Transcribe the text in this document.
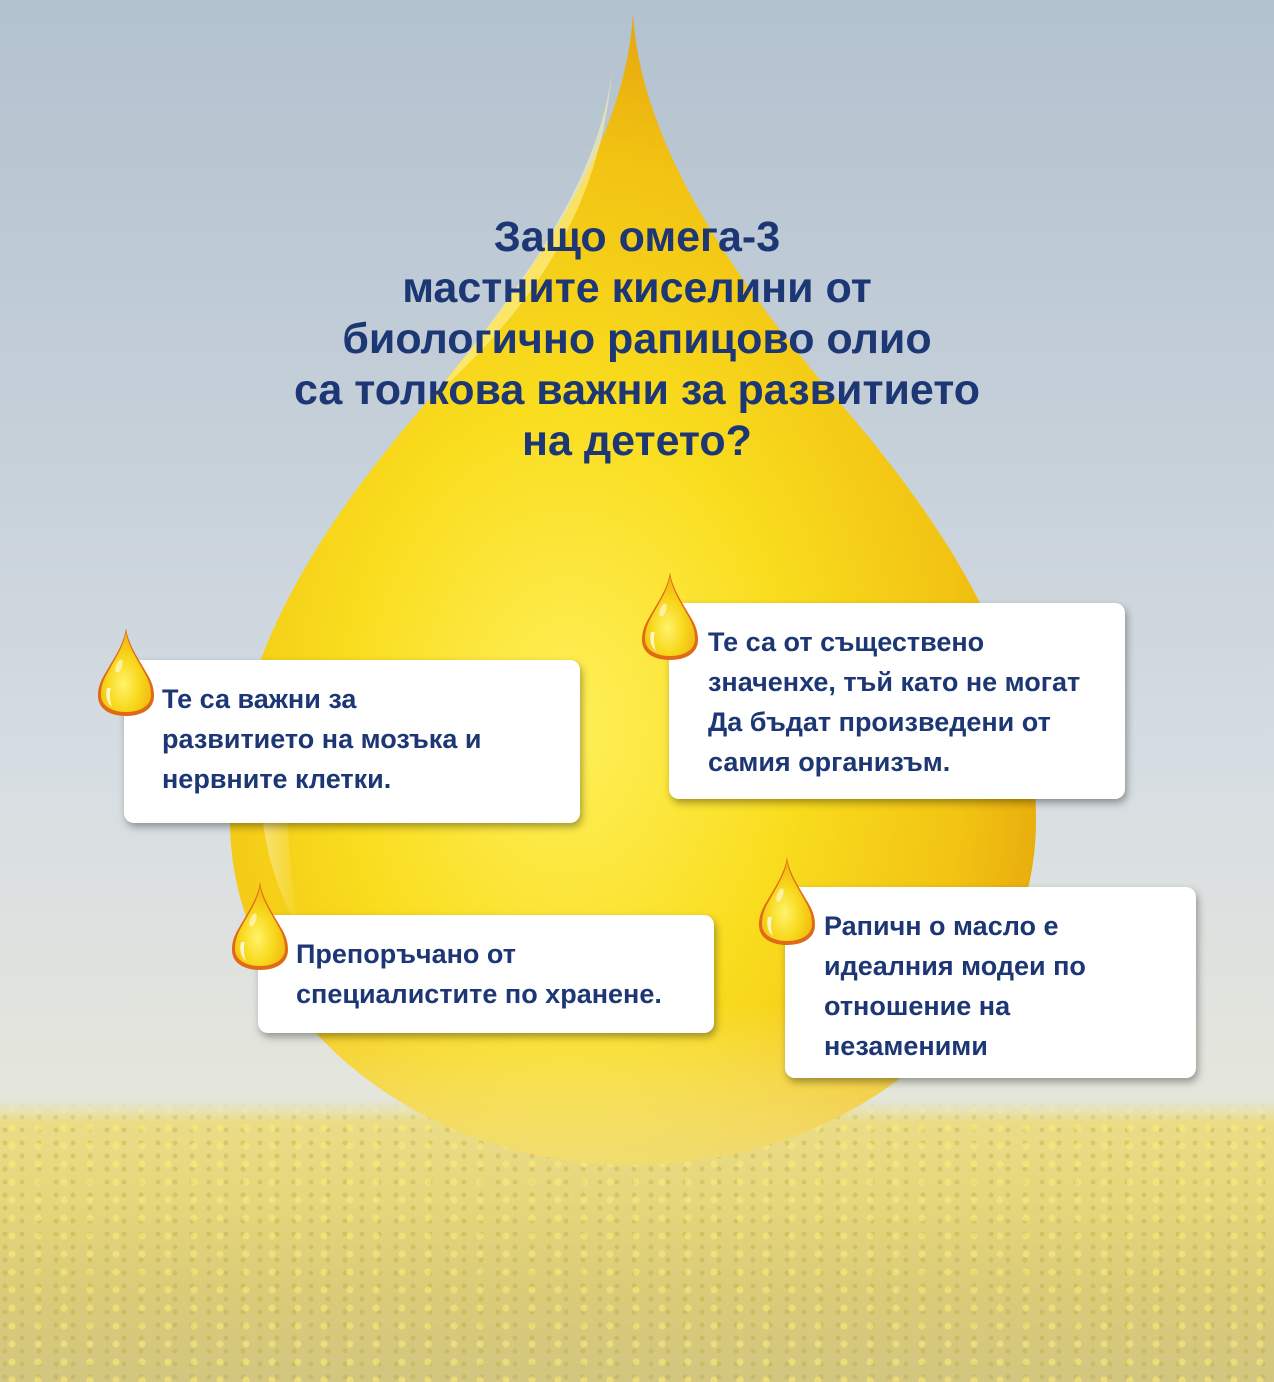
Защо омега-3
мастните киселини от
биологично рапицово олио
са толкова важни за развитието
на детето?
Те са важни за
развитието на мозъка и
нервните клетки.
Те са от съществено
значенхе, тъй като не могат
Да бъдат произведени от
самия организъм.
Препоръчано от
специалистите по хранене.
Рапичн о масло е
идеалния модеи по
отношение на
незаменими
